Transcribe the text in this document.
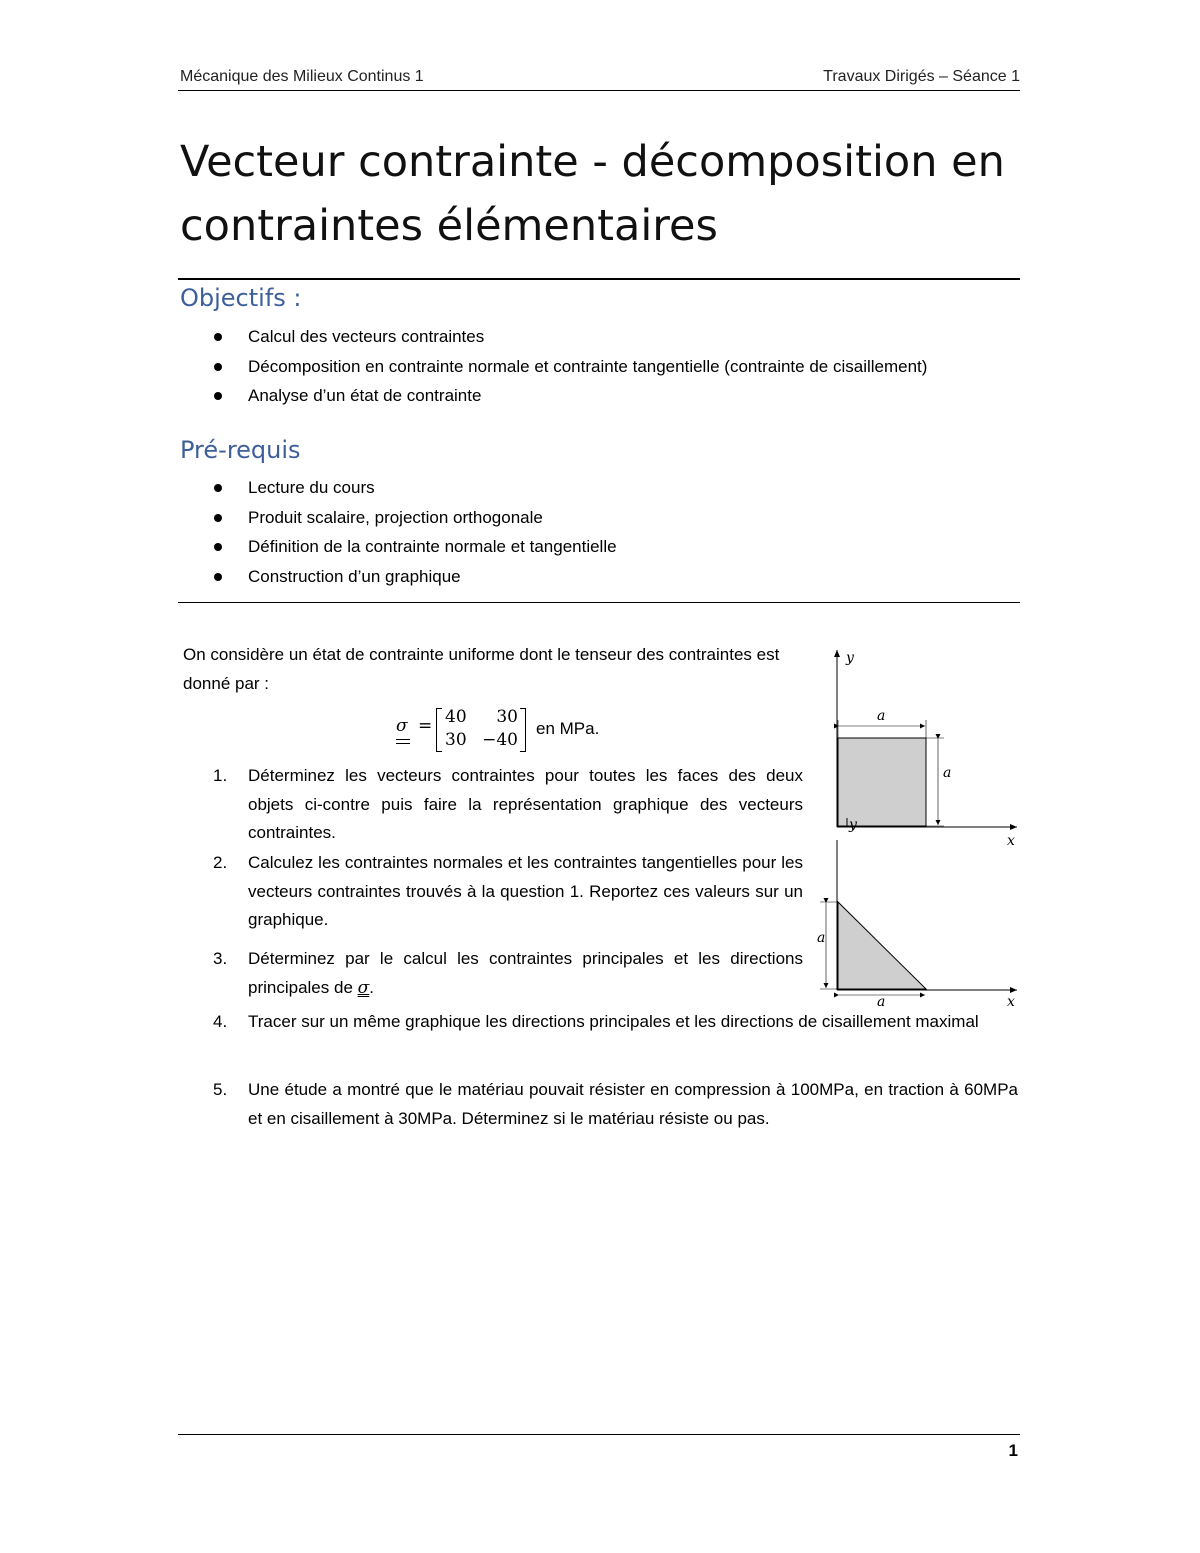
Mécanique des Milieux Continus 1	Travaux Dirigés – Séance 1
Vecteur contrainte - décomposition en contraintes élémentaires
Objectifs :
Calcul des vecteurs contraintes
Décomposition en contrainte normale et contrainte tangentielle (contrainte de cisaillement)
Analyse d’un état de contrainte
Pré-requis
Lecture du cours
Produit scalaire, projection orthogonale
Définition de la contrainte normale et tangentielle
Construction d’un graphique

On considère un état de contrainte uniforme dont le tenseur des contraintes est donné par :

σ = 40 30
30 −40
en MPa.

1. Déterminez les vecteurs contraintes pour toutes les faces des deux objets ci-contre puis faire la représentation graphique des vecteurs contraintes.

2. Calculez les contraintes normales et les contraintes tangentielles pour les vecteurs contraintes trouvés à la question 1. Reportez ces valeurs sur un graphique.

3. Déterminez par le calcul les contraintes principales et les directions principales de σ.

4. Tracer sur un même graphique les directions principales et les directions de cisaillement maximal

5. Une étude a montré que le matériau pouvait résister en compression à 100MPa, en traction à 60MPa et en cisaillement à 30MPa. Déterminez si le matériau résiste ou pas.

y
a
a
y
x
a
a	x
1
